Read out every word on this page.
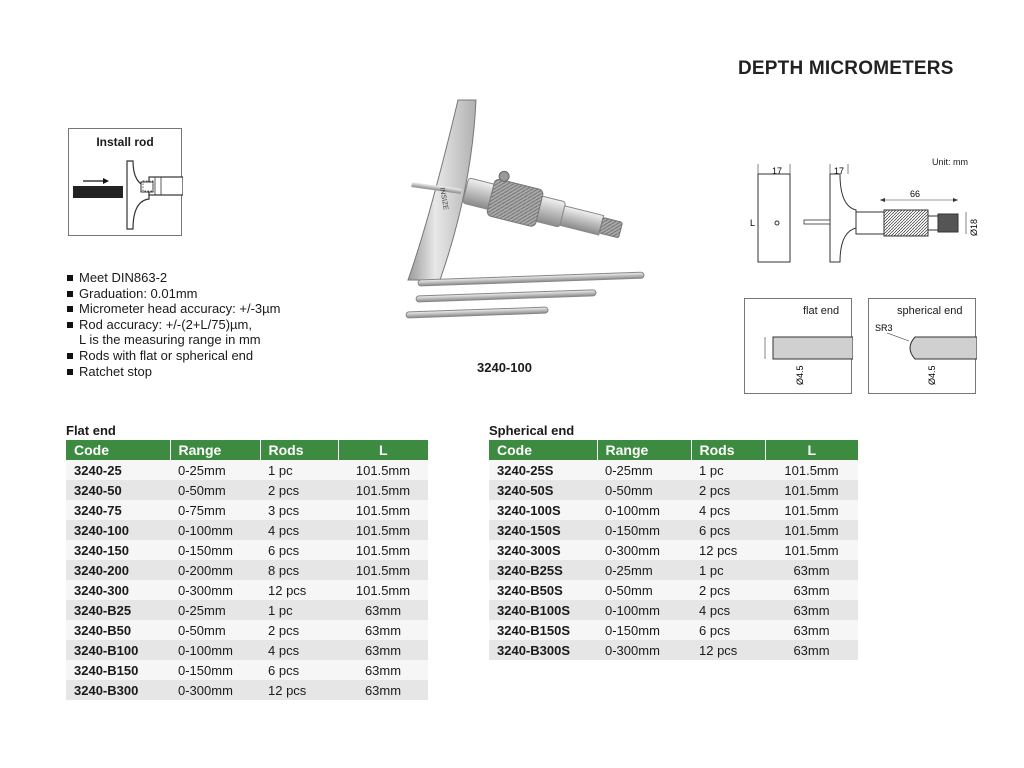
DEPTH MICROMETERS
Install rod
Meet DIN863-2
Graduation: 0.01mm
Micrometer head accuracy: +/-3µm
Rod accuracy: +/-(2+L/75)µm,
L is the measuring range in mm
Rods with flat or spherical end
Ratchet stop
INSIZE
3240-100
Unit: mm
L
17	17
66
Ø18
flat end
Ø4.5
spherical end
SR3
Ø4.5
Flat end
Code	Range	Rods	L
3240-25	0-25mm	1 pc	101.5mm
3240-50	0-50mm	2 pcs	101.5mm
3240-75	0-75mm	3 pcs	101.5mm
3240-100	0-100mm	4 pcs	101.5mm
3240-150	0-150mm	6 pcs	101.5mm
3240-200	0-200mm	8 pcs	101.5mm
3240-300	0-300mm	12 pcs	101.5mm
3240-B25	0-25mm	1 pc	63mm
3240-B50	0-50mm	2 pcs	63mm
3240-B100	0-100mm	4 pcs	63mm
3240-B150	0-150mm	6 pcs	63mm
3240-B300	0-300mm	12 pcs	63mm
Spherical end
Code	Range	Rods	L
3240-25S	0-25mm	1 pc	101.5mm
3240-50S	0-50mm	2 pcs	101.5mm
3240-100S	0-100mm	4 pcs	101.5mm
3240-150S	0-150mm	6 pcs	101.5mm
3240-300S	0-300mm	12 pcs	101.5mm
3240-B25S	0-25mm	1 pc	63mm
3240-B50S	0-50mm	2 pcs	63mm
3240-B100S	0-100mm	4 pcs	63mm
3240-B150S	0-150mm	6 pcs	63mm
3240-B300S	0-300mm	12 pcs	63mm
